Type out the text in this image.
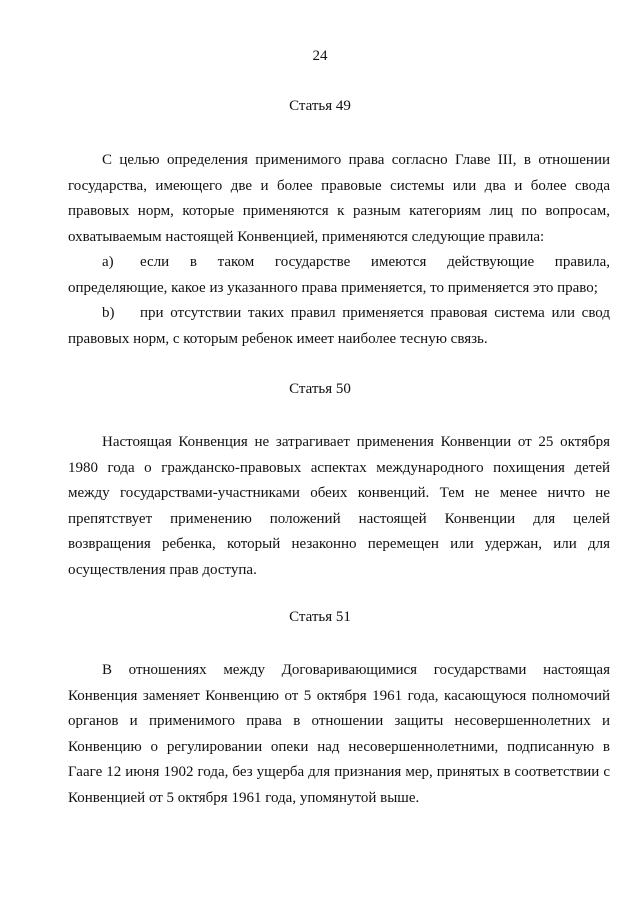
24
Статья 49

С целью определения применимого права согласно Главе III, в отношении государства, имеющего две и более правовые системы или два и более свода правовых норм, которые применяются к разным категориям лиц по вопросам, охватываемым настоящей Конвенцией, применяются следующие правила:

a) если в таком государстве имеются действующие правила, определяющие, какое из указанного права применяется, то применяется это право;

b) при отсутствии таких правил применяется правовая система или свод правовых норм, с которым ребенок имеет наиболее тесную связь.

Статья 50

Настоящая Конвенция не затрагивает применения Конвенции от 25 октября 1980 года о гражданско-правовых аспектах международного похищения детей между государствами-участниками обеих конвенций. Тем не менее ничто не препятствует применению положений настоящей Конвенции для целей возвращения ребенка, который незаконно перемещен или удержан, или для осуществления прав доступа.

Статья 51

В отношениях между Договаривающимися государствами настоящая Конвенция заменяет Конвенцию от 5 октября 1961 года, касающуюся полномочий органов и применимого права в отношении защиты несовершеннолетних и Конвенцию о регулировании опеки над несовершеннолетними, подписанную в Гааге 12 июня 1902 года, без ущерба для признания мер, принятых в соответствии с Конвенцией от 5 октября 1961 года, упомянутой выше.
